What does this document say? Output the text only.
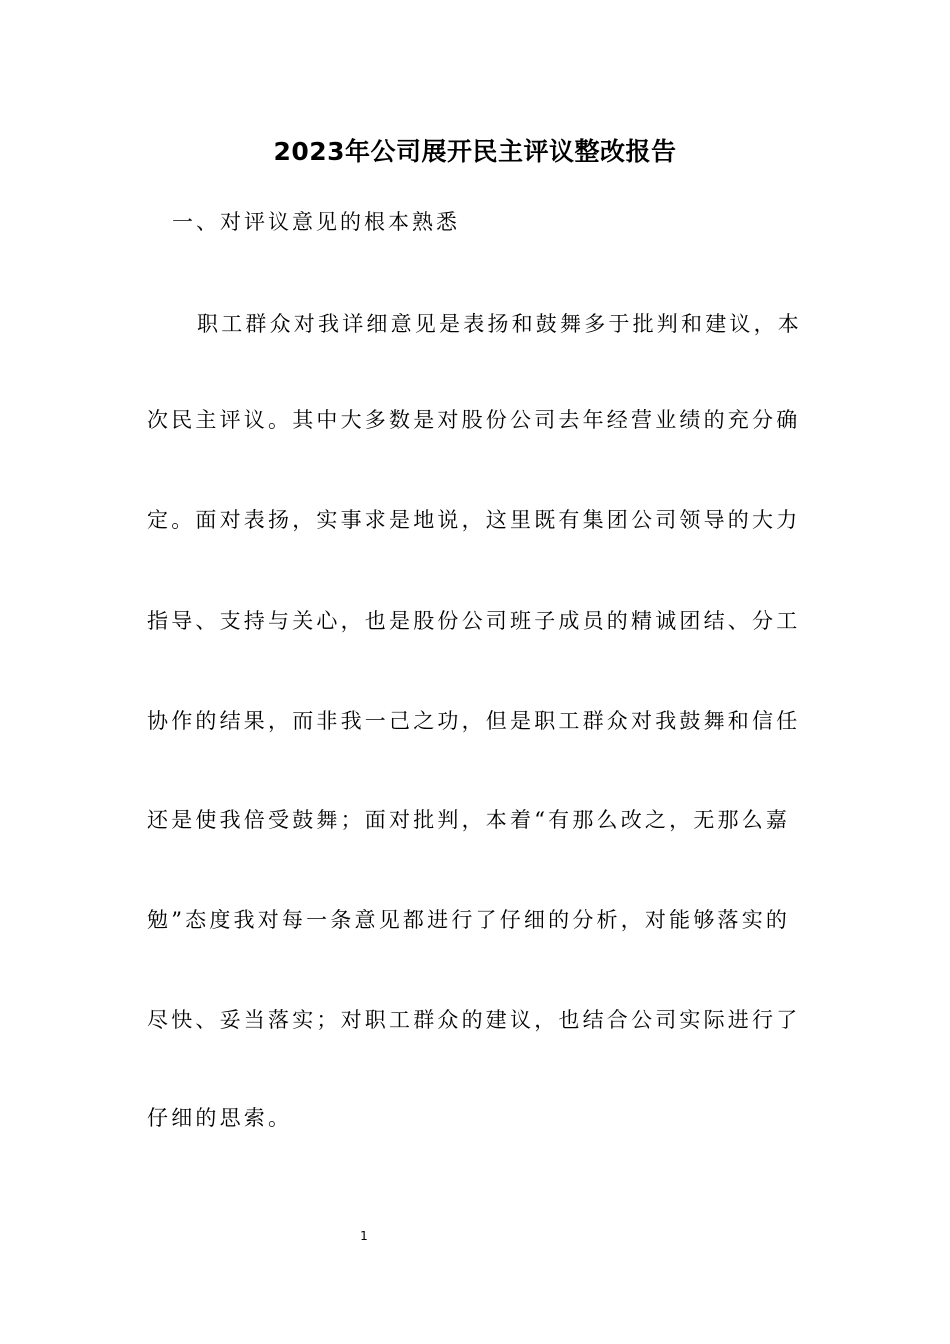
2023年公司展开民主评议整改报告
一、对评议意见的根本熟悉
职工群众对我详细意见是表扬和鼓舞多于批判和建议，本
次民主评议。其中大多数是对股份公司去年经营业绩的充分确
定。面对表扬，实事求是地说，这里既有集团公司领导的大力
指导、支持与关心，也是股份公司班子成员的精诚团结、分工
协作的结果，而非我一己之功，但是职工群众对我鼓舞和信任
还是使我倍受鼓舞；面对批判，本着“有那么改之，无那么嘉
勉”态度我对每一条意见都进行了仔细的分析，对能够落实的
尽快、妥当落实；对职工群众的建议，也结合公司实际进行了
仔细的思索。
1
